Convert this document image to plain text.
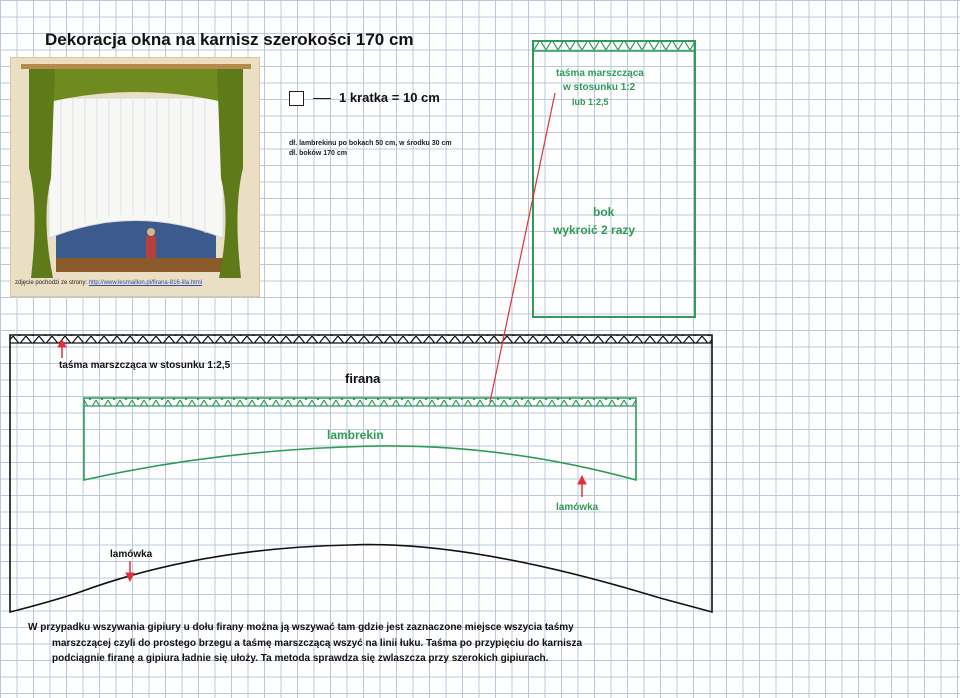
Dekoracja okna na karnisz szerokości 170 cm
zdjęcie pochodzi ze strony: http://www.lesmaillon.pl/firana-816-lila.html
1 kratka = 10 cm
dł. lambrekinu po bokach 50 cm, w środku 30 cm
dł. boków 170 cm
taśma marszcząca
w stosunku 1:2
lub 1:2,5
bok
wykroić 2 razy
taśma marszcząca w stosunku 1:2,5
firana
lamówka
lambrekin
lamówka
W przypadku wszywania gipiury u dołu firany można ją wszywać tam gdzie jest zaznaczone miejsce wszycia taśmy
marszczącej czyli do prostego brzegu a taśmę marszczącą wszyć na linii łuku. Taśma po przypięciu do karnisza
podciągnie firanę a gipiura ładnie się ułoży. Ta metoda sprawdza się zwlaszcza przy szerokich gipiurach.
